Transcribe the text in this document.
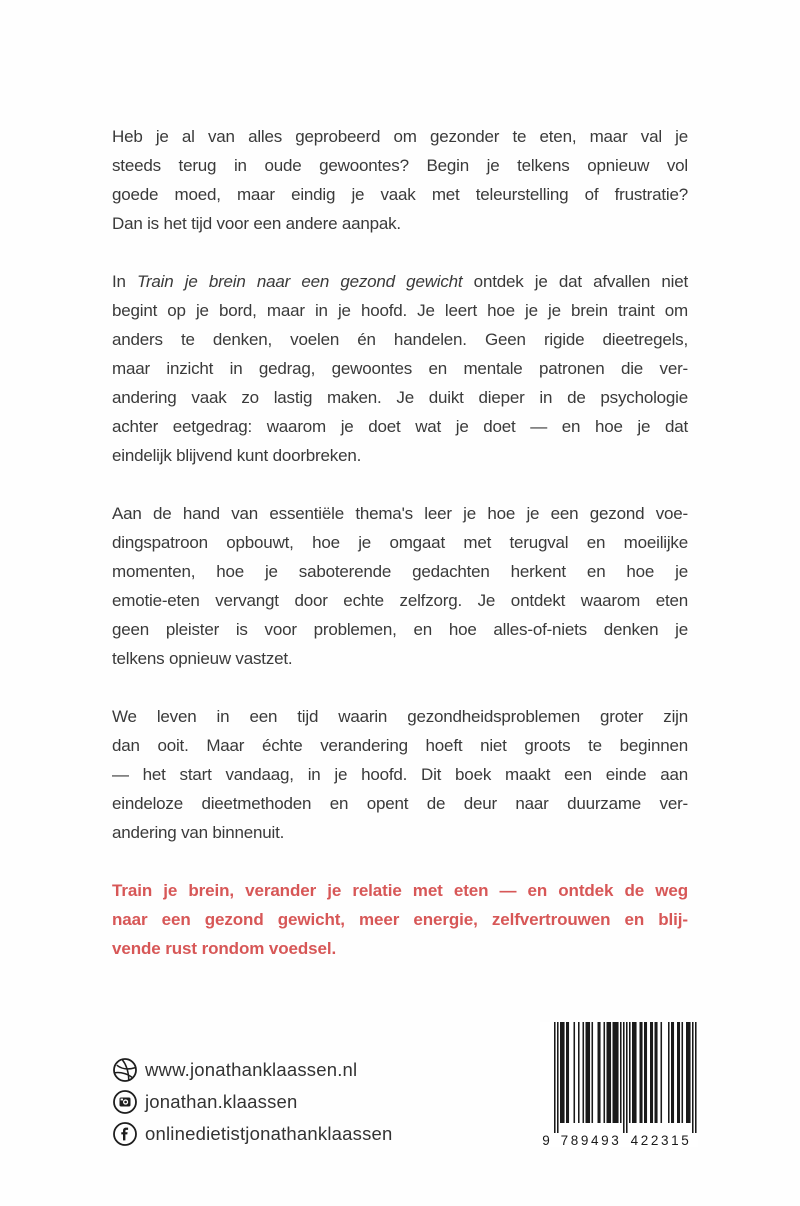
Heb je al van alles geprobeerd om gezonder te eten, maar val je
steeds terug in oude gewoontes? Begin je telkens opnieuw vol
goede moed, maar eindig je vaak met teleurstelling of frustratie?
Dan is het tijd voor een andere aanpak.
In Train je brein naar een gezond gewicht ontdek je dat afvallen niet
begint op je bord, maar in je hoofd. Je leert hoe je je brein traint om
anders te denken, voelen én handelen. Geen rigide dieetregels,
maar inzicht in gedrag, gewoontes en mentale patronen die ver-
andering vaak zo lastig maken. Je duikt dieper in de psychologie
achter eetgedrag: waarom je doet wat je doet — en hoe je dat
eindelijk blijvend kunt doorbreken.
Aan de hand van essentiële thema's leer je hoe je een gezond voe-
dingspatroon opbouwt, hoe je omgaat met terugval en moeilijke
momenten, hoe je saboterende gedachten herkent en hoe je
emotie-eten vervangt door echte zelfzorg. Je ontdekt waarom eten
geen pleister is voor problemen, en hoe alles-of-niets denken je
telkens opnieuw vastzet.
We leven in een tijd waarin gezondheidsproblemen groter zijn
dan ooit. Maar échte verandering hoeft niet groots te beginnen
— het start vandaag, in je hoofd. Dit boek maakt een einde aan
eindeloze dieetmethoden en opent de deur naar duurzame ver-
andering van binnenuit.
Train je brein, verander je relatie met eten — en ontdek de weg
naar een gezond gewicht, meer energie, zelfvertrouwen en blij-
vende rust rondom voedsel.
www.jonathanklaassen.nl
jonathan.klaassen
onlinedietistjonathanklaassen	9 789493 422315
